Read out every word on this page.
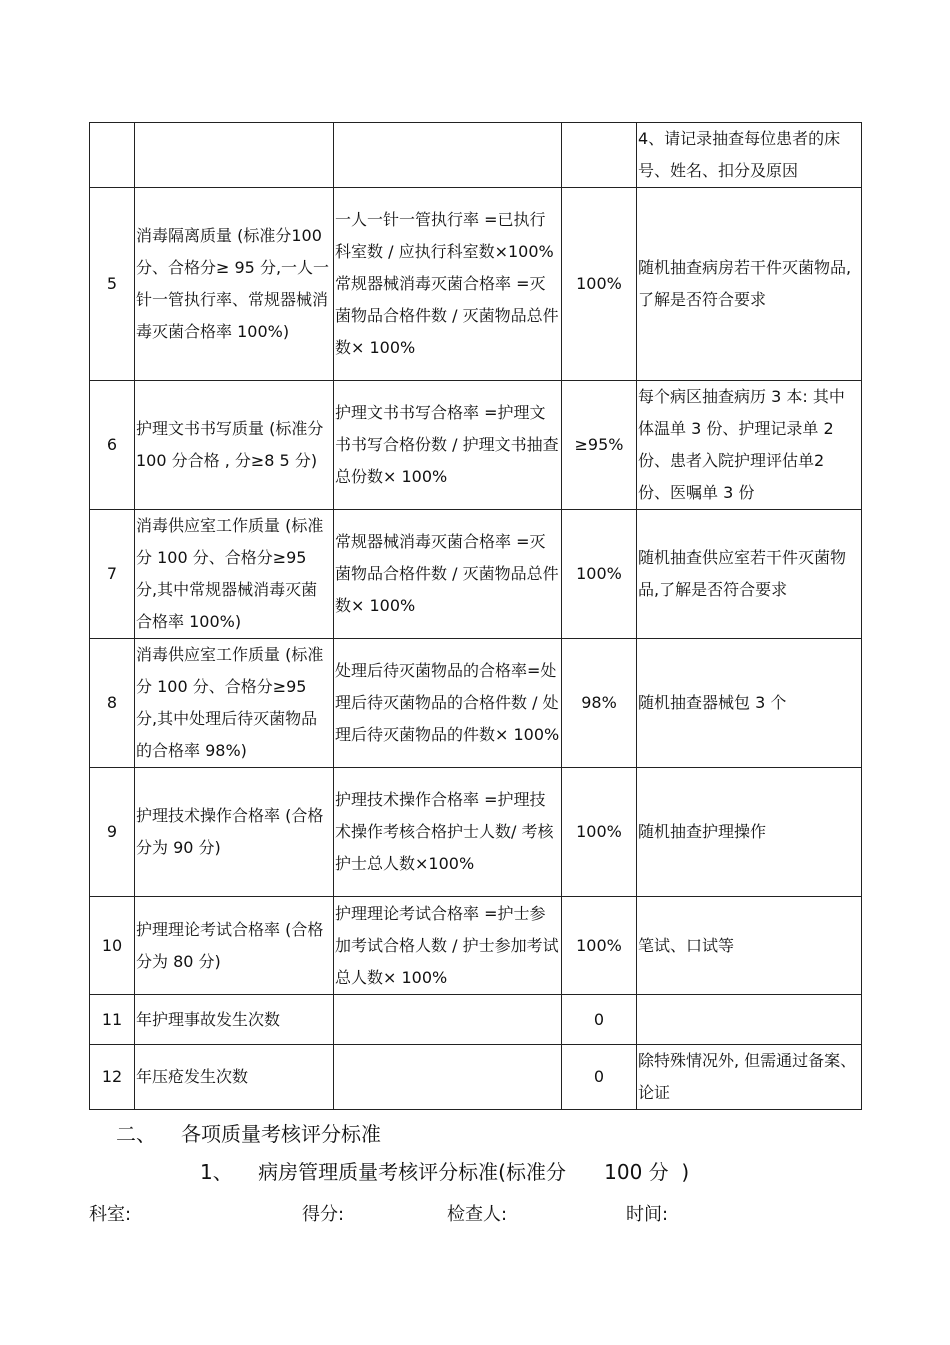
				4、请记录抽查每位患者的床号、姓名、扣分及原因
5	消毒隔离质量 (标准分100分、合格分≥ 95 分,一人一针一管执行率、常规器械消毒灭菌合格率 100%)	一人一针一管执行率 =已执行科室数 / 应执行科室数×100%常规器械消毒灭菌合格率 =灭菌物品合格件数 / 灭菌物品总件数× 100%	100%	随机抽查病房若干件灭菌物品,了解是否符合要求
6	护理文书书写质量 (标准分 100 分合格 , 分≥8 5 分)	护理文书书写合格率 =护理文书书写合格份数 / 护理文书抽查总份数× 100%	≥95%	每个病区抽查病历 3 本: 其中体温单 3 份、护理记录单 2 份、患者入院护理评估单2 份、医嘱单 3 份
7	消毒供应室工作质量 (标准分 100 分、合格分≥95 分,其中常规器械消毒灭菌合格率 100%)	常规器械消毒灭菌合格率 =灭菌物品合格件数 / 灭菌物品总件数× 100%	100%	随机抽查供应室若干件灭菌物品,了解是否符合要求
8	消毒供应室工作质量 (标准分 100 分、合格分≥95 分,其中处理后待灭菌物品的合格率 98%)	处理后待灭菌物品的合格率=处理后待灭菌物品的合格件数 / 处理后待灭菌物品的件数× 100%	98%	随机抽查器械包 3 个
9	护理技术操作合格率 (合格分为 90 分)	护理技术操作合格率 =护理技术操作考核合格护士人数/ 考核护士总人数×100%	100%	随机抽查护理操作
10	护理理论考试合格率 (合格分为 80 分)	护理理论考试合格率 =护士参加考试合格人数 / 护士参加考试总人数× 100%	100%	笔试、口试等
11	年护理事故发生次数		0	
12	年压疮发生次数		0	除特殊情况外, 但需通过备案、论证
二、 各项质量考核评分标准
1、 病房管理质量考核评分标准(标准分 100 分 )
科室:	得分:	检查人:	时间:
